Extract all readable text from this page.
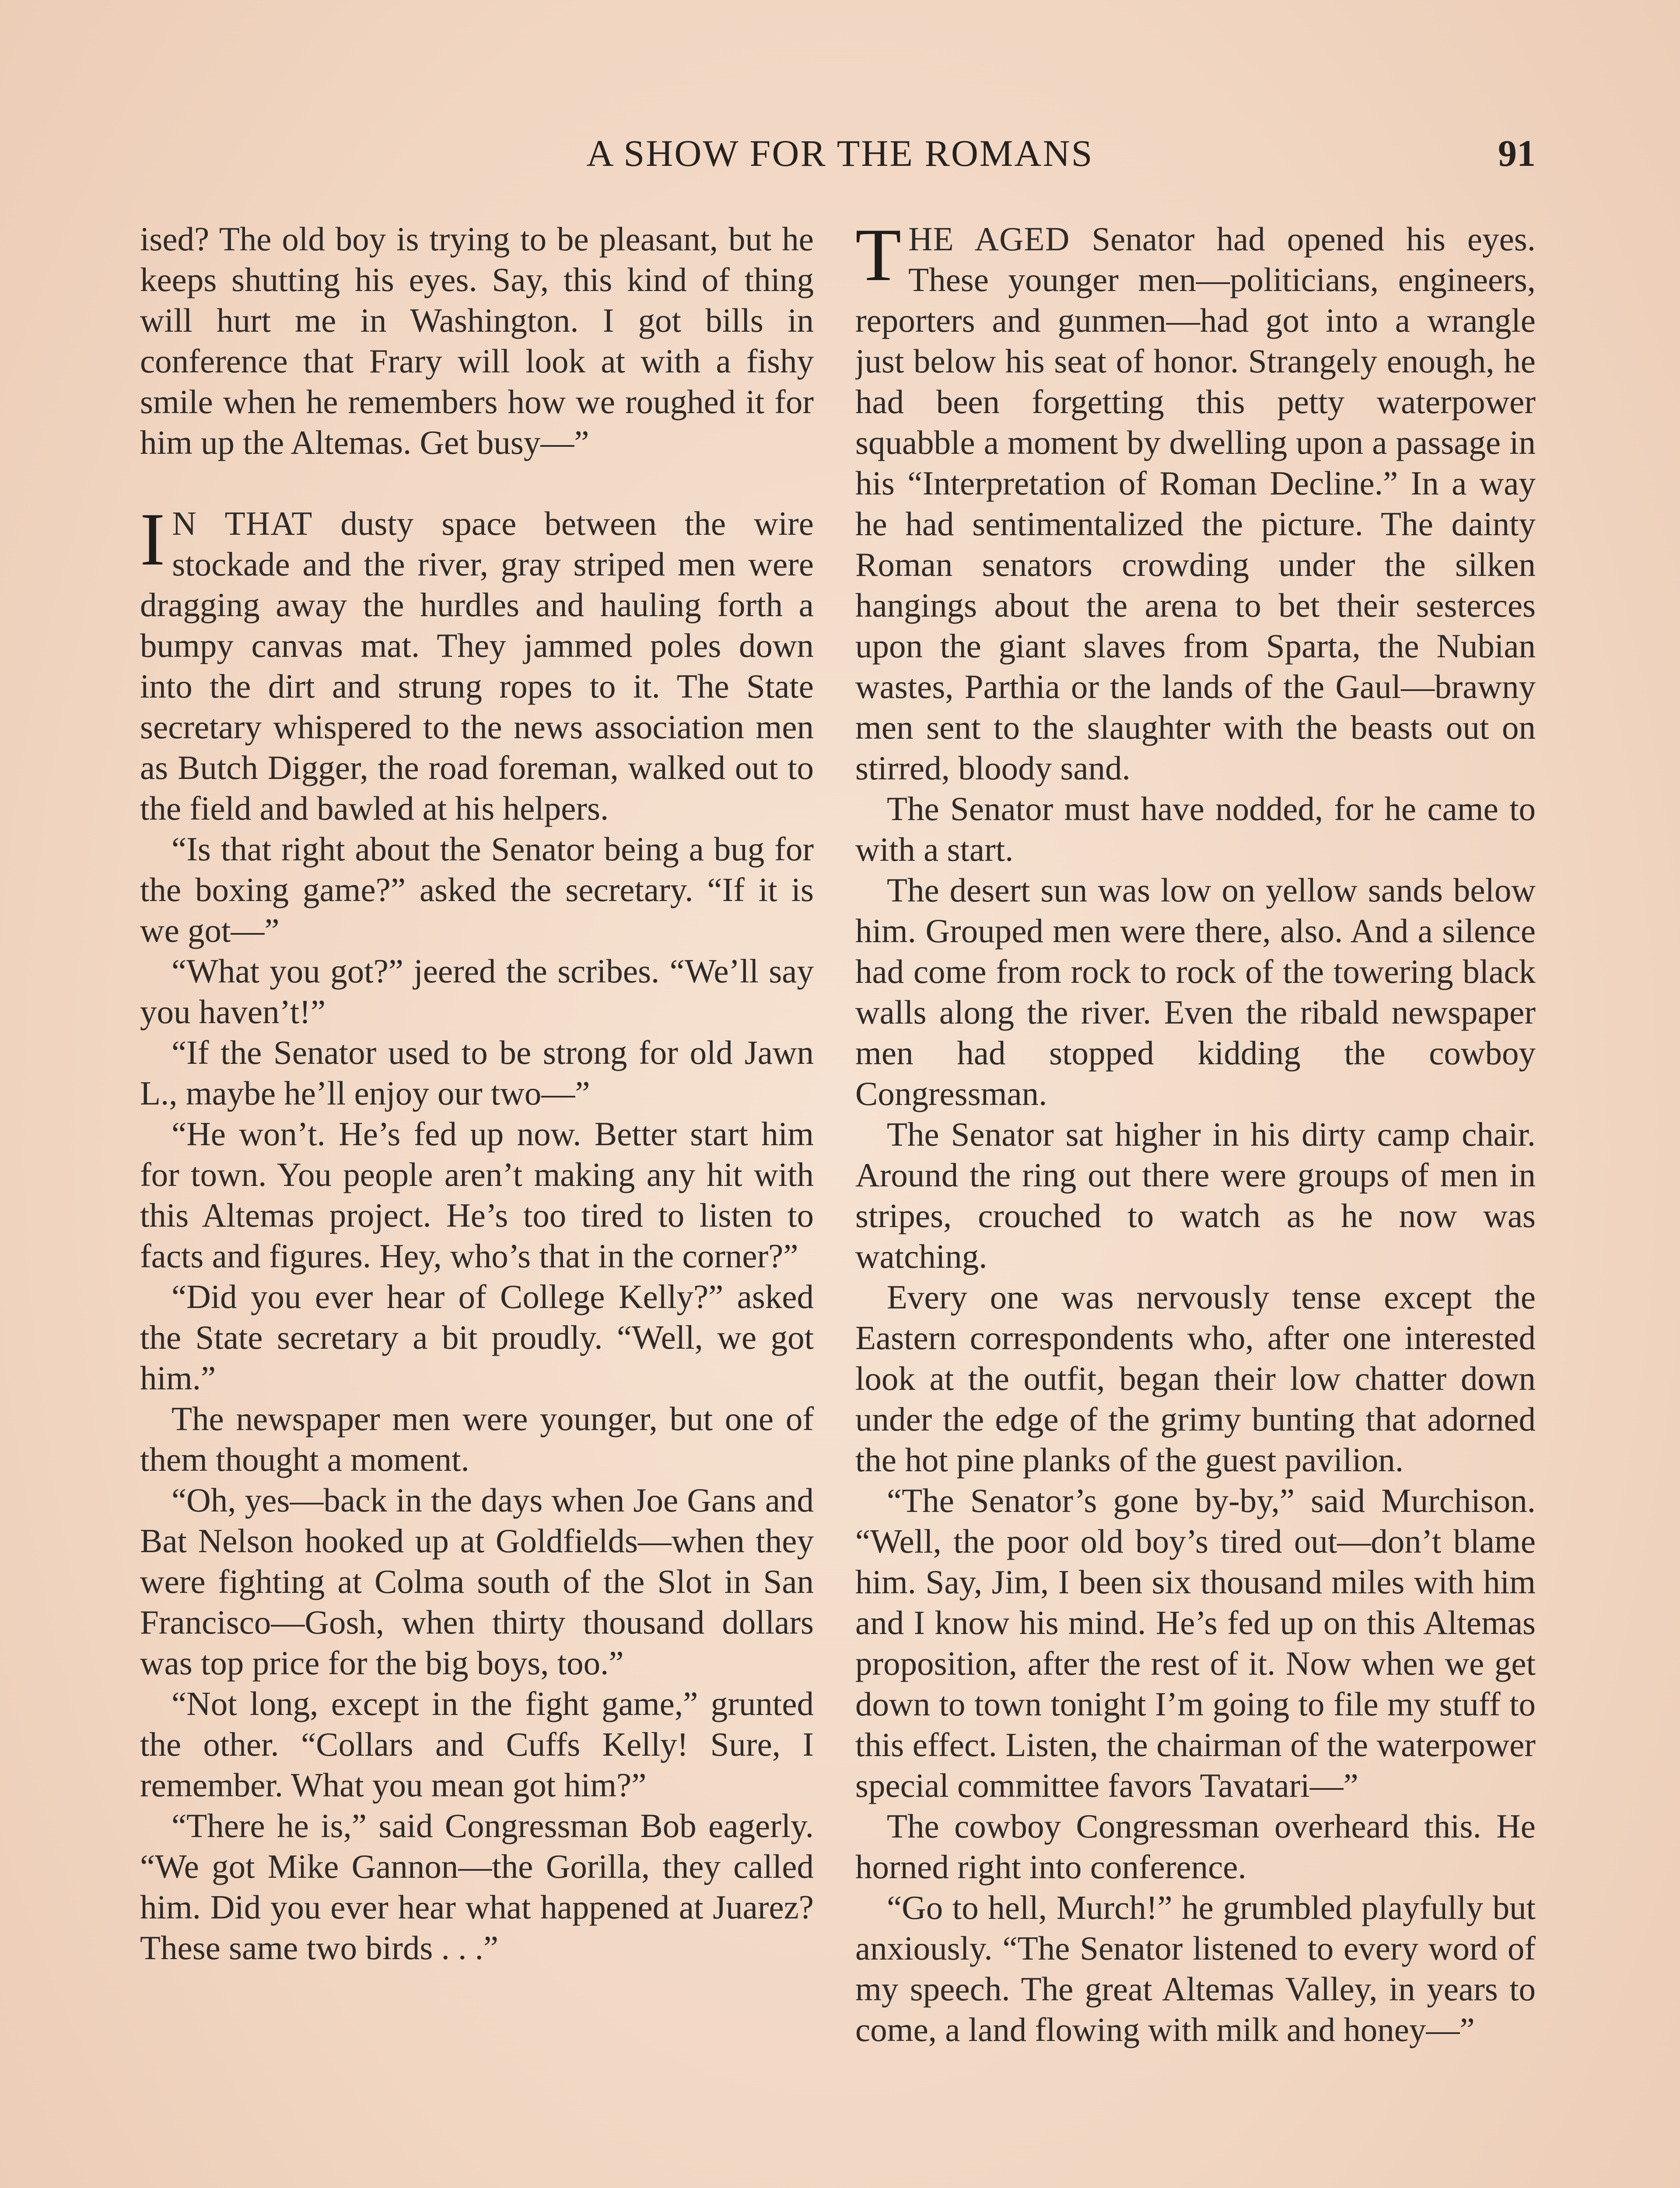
A SHOW FOR THE ROMANS	91

ised? The old boy is trying to be pleasant, but he keeps shutting his eyes. Say, this kind of thing will hurt me in Washington. I got bills in conference that Frary will look at with a fishy smile when he remembers how we roughed it for him up the Altemas. Get busy—”

I N THAT dusty space between the wire stockade and the river, gray striped men were dragging away the hurdles and hauling forth a bumpy canvas mat. They jammed poles down into the dirt and strung ropes to it. The State secretary whispered to the news association men as Butch Digger, the road foreman, walked out to the field and bawled at his helpers.

“Is that right about the Senator being a bug for the boxing game?” asked the secretary. “If it is we got—”

“What you got?” jeered the scribes. “We’ll say you haven’t!”

“If the Senator used to be strong for old Jawn L., maybe he’ll enjoy our two—”

“He won’t. He’s fed up now. Better start him for town. You people aren’t making any hit with this Altemas project. He’s too tired to listen to facts and figures. Hey, who’s that in the corner?”

“Did you ever hear of College Kelly?” asked the State secretary a bit proudly. “Well, we got him.”

The newspaper men were younger, but one of them thought a moment.

“Oh, yes—back in the days when Joe Gans and Bat Nelson hooked up at Goldfields—when they were fighting at Colma south of the Slot in San Francisco—Gosh, when thirty thousand dollars was top price for the big boys, too.”

“Not long, except in the fight game,” grunted the other. “Collars and Cuffs Kelly! Sure, I remember. What you mean got him?”

“There he is,” said Congressman Bob eagerly. “We got Mike Gannon—the Gorilla, they called him. Did you ever hear what happened at Juarez? These same two birds . . .”

THE AGED Senator had opened his eyes. These younger men—politicians, engineers, reporters and gunmen—had got into a wrangle just below his seat of honor. Strangely enough, he had been forgetting this petty waterpower squabble a moment by dwelling upon a passage in his “Interpretation of Roman Decline.” In a way he had sentimentalized the picture. The dainty Roman senators crowding under the silken hangings about the arena to bet their sesterces upon the giant slaves from Sparta, the Nubian wastes, Parthia or the lands of the Gaul—brawny men sent to the slaughter with the beasts out on stirred, bloody sand.

The Senator must have nodded, for he came to with a start.

The desert sun was low on yellow sands below him. Grouped men were there, also. And a silence had come from rock to rock of the towering black walls along the river. Even the ribald newspaper men had stopped kidding the cowboy Congressman.

The Senator sat higher in his dirty camp chair. Around the ring out there were groups of men in stripes, crouched to watch as he now was watching.

Every one was nervously tense except the Eastern correspondents who, after one interested look at the outfit, began their low chatter down under the edge of the grimy bunting that adorned the hot pine planks of the guest pavilion.

“The Senator’s gone by-by,” said Murchison. “Well, the poor old boy’s tired out—don’t blame him. Say, Jim, I been six thousand miles with him and I know his mind. He’s fed up on this Altemas proposition, after the rest of it. Now when we get down to town tonight I’m going to file my stuff to this effect. Listen, the chairman of the waterpower special committee favors Tavatari—”

The cowboy Congressman overheard this. He horned right into conference.

“Go to hell, Murch!” he grumbled playfully but anxiously. “The Senator listened to every word of my speech. The great Altemas Valley, in years to come, a land flowing with milk and honey—”
